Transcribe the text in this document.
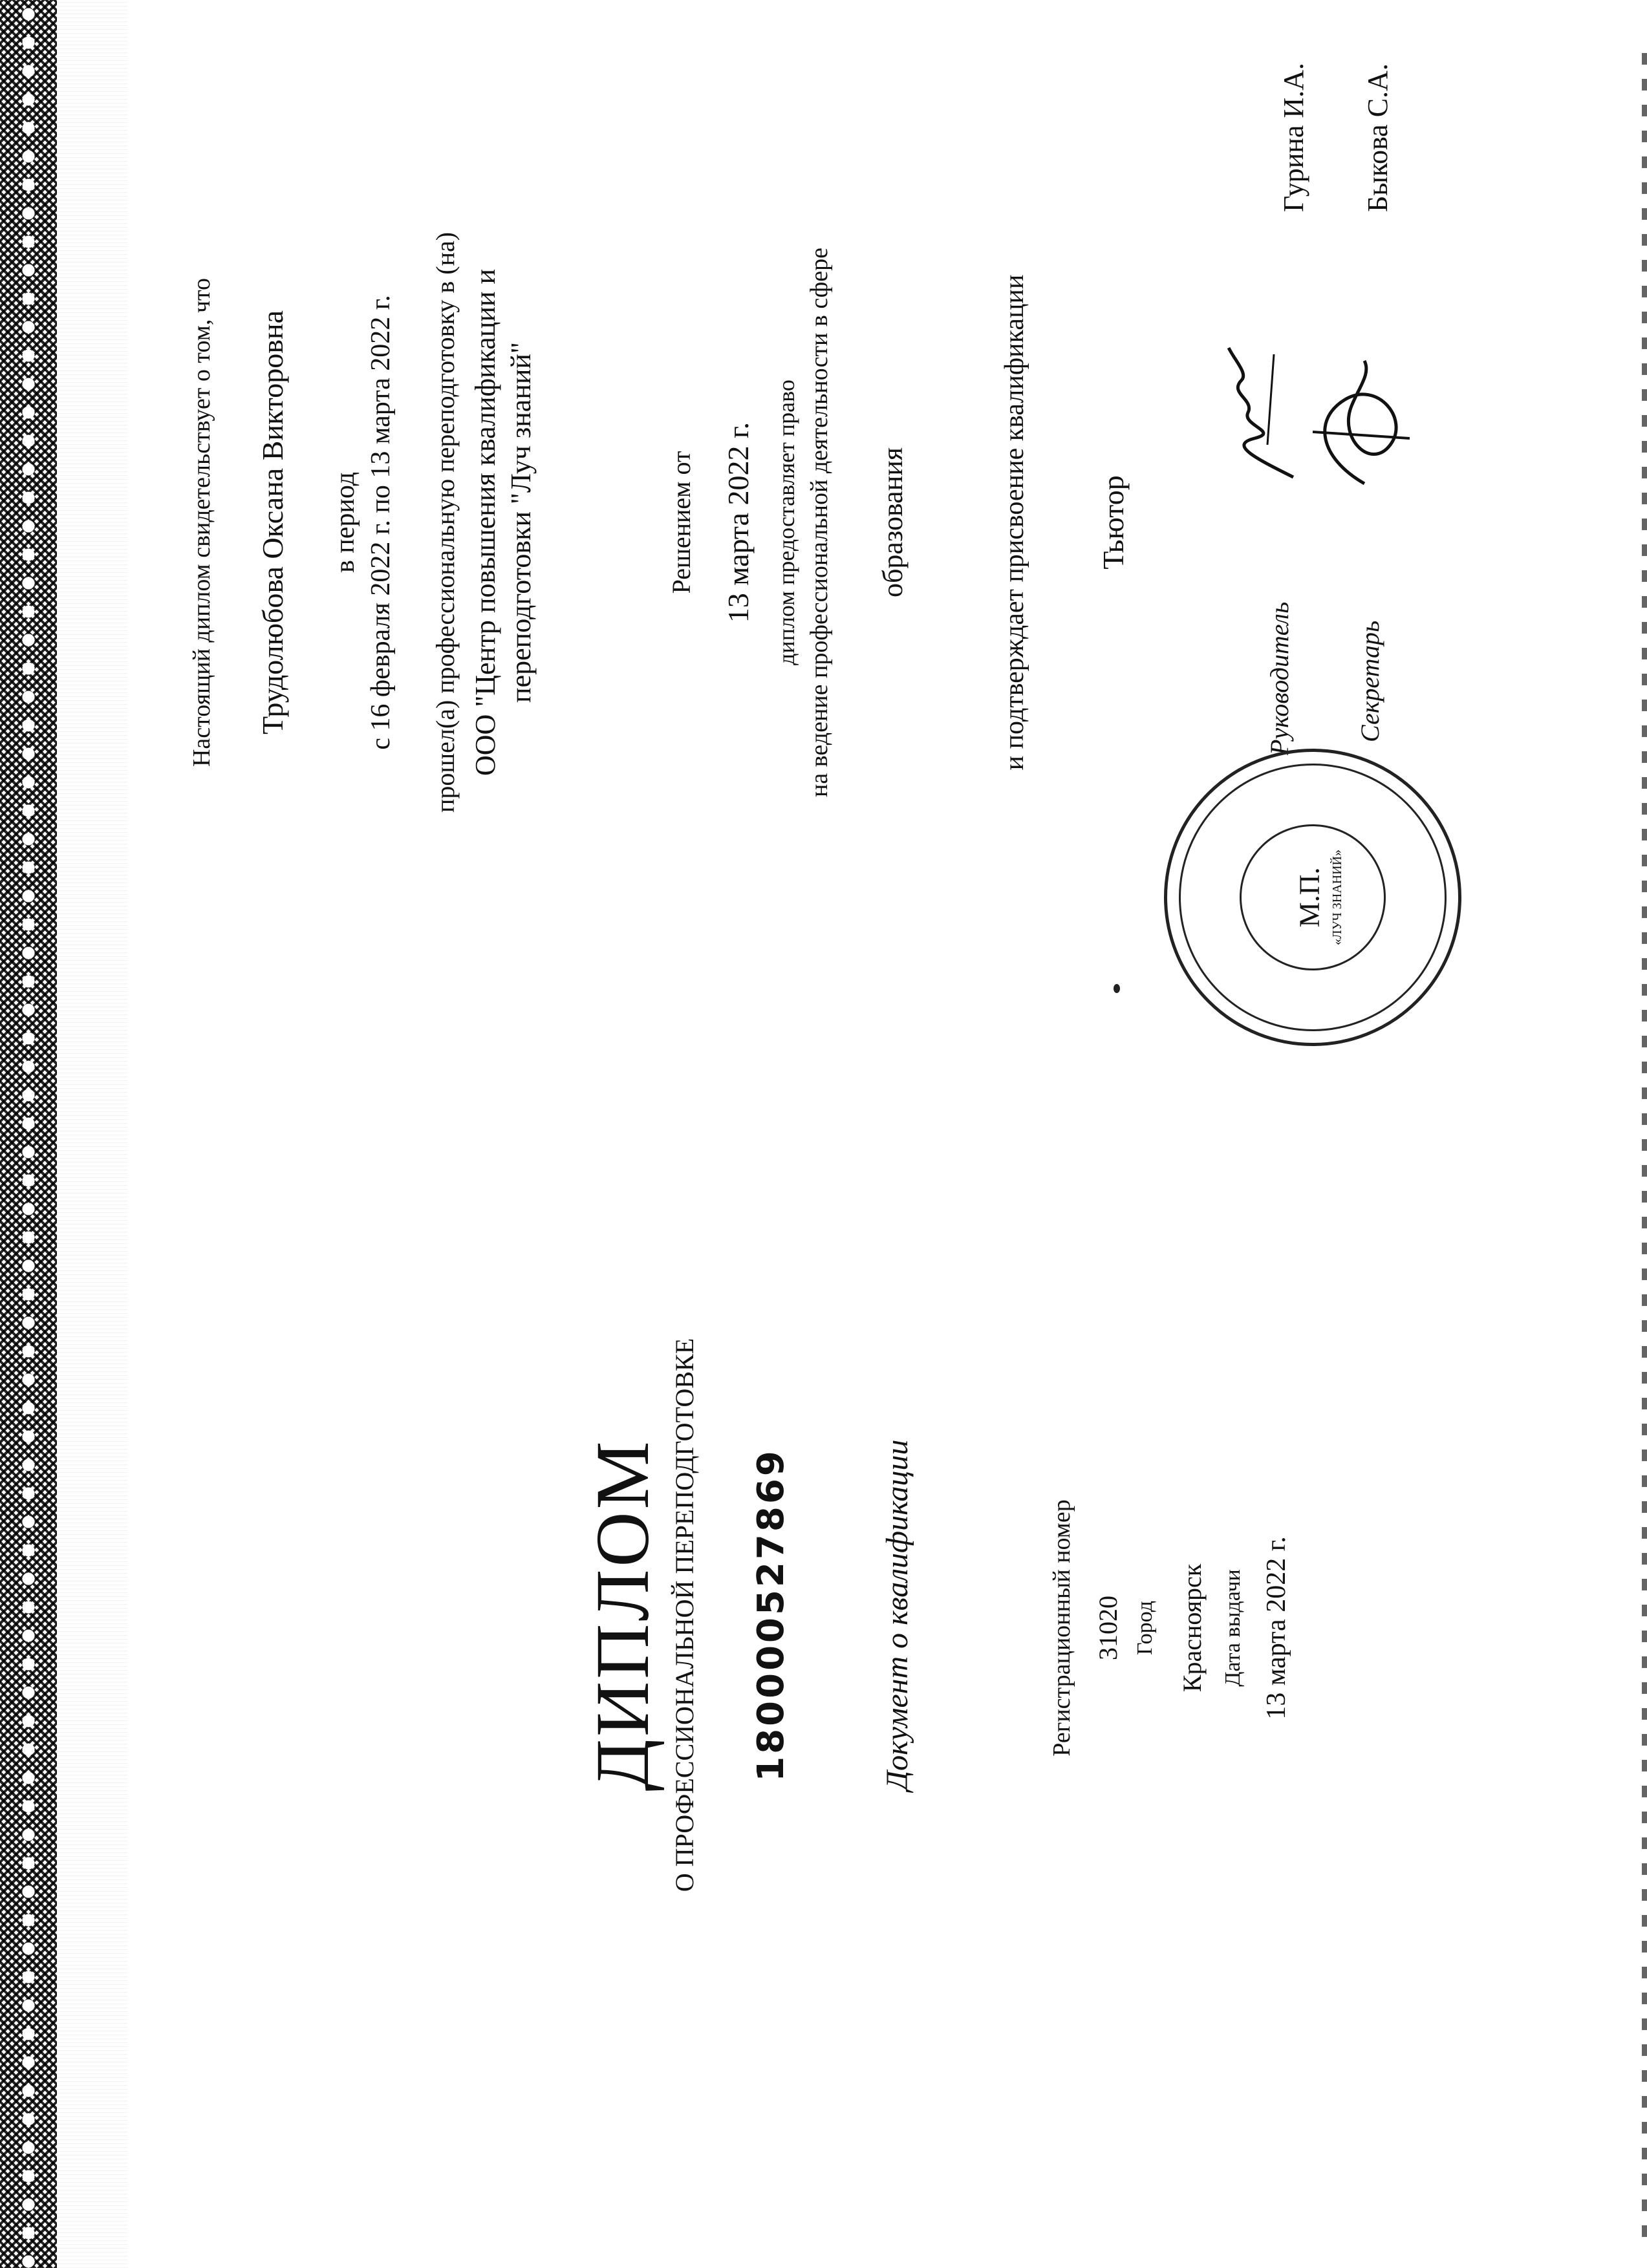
ДИПЛОМ О ПРОФЕССИОНАЛЬНОЙ ПЕРЕПОДГОТОВКЕ 180000527869	Документ о квалификации	Регистрационный номер 31020 Город Красноярск Дата выдачи 13 марта 2022 г.
Настоящий диплом свидетельствует о том, что Трудолюбова Оксана Викторовна в период с 16 февраля 2022 г. по 13 марта 2022 г. прошел(а) профессиональную переподготовку в (на) ООО "Центр повышения квалификации и переподготовки "Луч знаний"	Решением от 13 марта 2022 г. диплом предоставляет право на ведение профессиональной деятельности в сфере образования	и подтверждает присвоение квалификации Тьютор
Руководитель
Гурина И.А.
Секретарь
Быкова С.А.
М.П. «ЛУЧ ЗНАНИЙ»
